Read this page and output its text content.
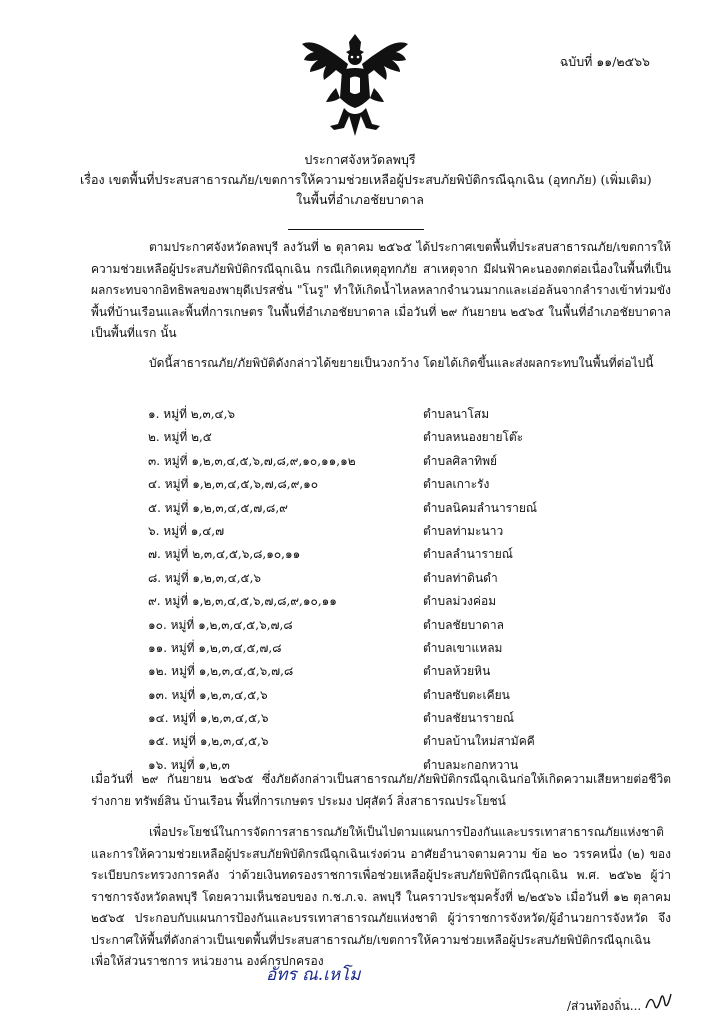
ฉบับที่ ๑๑/๒๕๖๖
ประกาศจังหวัดลพบุรี
เรื่อง เขตพื้นที่ประสบสาธารณภัย/เขตการให้ความช่วยเหลือผู้ประสบภัยพิบัติกรณีฉุกเฉิน (อุทกภัย) (เพิ่มเติม)
ในพื้นที่อำเภอชัยบาดาล

ตามประกาศจังหวัดลพบุรี ลงวันที่ ๒ ตุลาคม ๒๕๖๕ ได้ประกาศเขตพื้นที่ประสบสาธารณภัย/เขตการให้ความช่วยเหลือผู้ประสบภัยพิบัติกรณีฉุกเฉิน กรณีเกิดเหตุอุทกภัย สาเหตุจาก มีฝนฟ้าคะนองตกต่อเนื่องในพื้นที่เป็นผลกระทบจากอิทธิพลของพายุดีเปรสชั่น "โนรู" ทำให้เกิดน้ำไหลหลากจำนวนมากและเอ่อล้นจากลำรางเข้าท่วมขังพื้นที่บ้านเรือนและพื้นที่การเกษตร ในพื้นที่อำเภอชัยบาดาล เมื่อวันที่ ๒๙ กันยายน ๒๕๖๕ ในพื้นที่อำเภอชัยบาดาล เป็นพื้นที่แรก นั้น

บัดนี้สาธารณภัย/ภัยพิบัติดังกล่าวได้ขยายเป็นวงกว้าง โดยได้เกิดขึ้นและส่งผลกระทบในพื้นที่ต่อไปนี้

๑. หมู่ที่ ๒,๓,๔,๖	ตำบลนาโสม
๒. หมู่ที่ ๒,๕	ตำบลหนองยายโต๊ะ
๓. หมู่ที่ ๑,๒,๓,๔,๕,๖,๗,๘,๙,๑๐,๑๑,๑๒	ตำบลศิลาทิพย์
๔. หมู่ที่ ๑,๒,๓,๔,๕,๖,๗,๘,๙,๑๐	ตำบลเกาะรัง
๕. หมู่ที่ ๑,๒,๓,๔,๕,๗,๘,๙	ตำบลนิคมลำนารายณ์
๖. หมู่ที่ ๑,๔,๗	ตำบลท่ามะนาว
๗. หมู่ที่ ๒,๓,๔,๕,๖,๘,๑๐,๑๑	ตำบลลำนารายณ์
๘. หมู่ที่ ๑,๒,๓,๔,๕,๖	ตำบลท่าดินดำ
๙. หมู่ที่ ๑,๒,๓,๔,๕,๖,๗,๘,๙,๑๐,๑๑	ตำบลม่วงค่อม
๑๐. หมู่ที่ ๑,๒,๓,๔,๕,๖,๗,๘	ตำบลชัยบาดาล
๑๑. หมู่ที่ ๑,๒,๓,๔,๕,๗,๘	ตำบลเขาแหลม
๑๒. หมู่ที่ ๑,๒,๓,๔,๕,๖,๗,๘	ตำบลห้วยหิน
๑๓. หมู่ที่ ๑,๒,๓,๔,๕,๖	ตำบลซับตะเคียน
๑๔. หมู่ที่ ๑,๒,๓,๔,๕,๖	ตำบลชัยนารายณ์
๑๕. หมู่ที่ ๑,๒,๓,๔,๕,๖	ตำบลบ้านใหม่สามัคคี
๑๖. หมู่ที่ ๑,๒,๓	ตำบลมะกอกหวาน

เมื่อวันที่ ๒๙ กันยายน ๒๕๖๕ ซึ่งภัยดังกล่าวเป็นสาธารณภัย/ภัยพิบัติกรณีฉุกเฉินก่อให้เกิดความเสียหายต่อชีวิต ร่างกาย ทรัพย์สิน บ้านเรือน พื้นที่การเกษตร ประมง ปศุสัตว์ สิ่งสาธารณประโยชน์

เพื่อประโยชน์ในการจัดการสาธารณภัยให้เป็นไปตามแผนการป้องกันและบรรเทาสาธารณภัยแห่งชาติ และการให้ความช่วยเหลือผู้ประสบภัยพิบัติกรณีฉุกเฉินเร่งด่วน อาศัยอำนาจตามความ ข้อ ๒๐ วรรคหนึ่ง (๒) ของระเบียบกระทรวงการคลัง ว่าด้วยเงินทดรองราชการเพื่อช่วยเหลือผู้ประสบภัยพิบัติกรณีฉุกเฉิน พ.ศ. ๒๕๖๒ ผู้ว่าราชการจังหวัดลพบุรี โดยความเห็นชอบของ ก.ช.ภ.จ. ลพบุรี ในคราวประชุมครั้งที่ ๒/๒๕๖๖ เมื่อวันที่ ๑๒ ตุลาคม ๒๕๖๕ ประกอบกับแผนการป้องกันและบรรเทาสาธารณภัยแห่งชาติ ผู้ว่าราชการจังหวัด/ผู้อำนวยการจังหวัด จึงประกาศให้พื้นที่ดังกล่าวเป็นเขตพื้นที่ประสบสาธารณภัย/เขตการให้ความช่วยเหลือผู้ประสบภัยพิบัติกรณีฉุกเฉิน เพื่อให้ส่วนราชการ หน่วยงาน องค์กรปกครอง

อัทร ณ.เหโม
/ส่วนท้องถิ่น...
